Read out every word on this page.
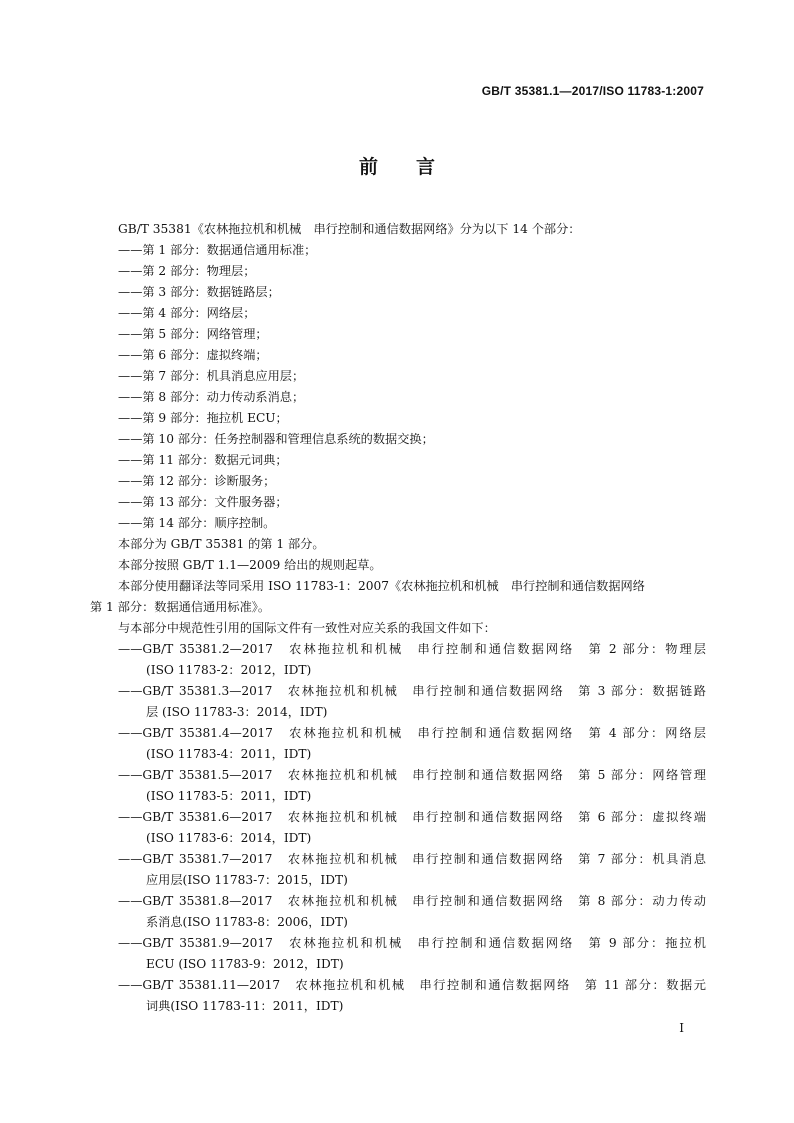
GB/T 35381.1—2017/ISO 11783-1:2007
前　　言
GB/T 35381《农林拖拉机和机械　串行控制和通信数据网络》分为以下 14 个部分：
——第 1 部分：数据通信通用标准；
——第 2 部分：物理层；
——第 3 部分：数据链路层；
——第 4 部分：网络层；
——第 5 部分：网络管理；
——第 6 部分：虚拟终端；
——第 7 部分：机具消息应用层；
——第 8 部分：动力传动系消息；
——第 9 部分：拖拉机 ECU；
——第 10 部分：任务控制器和管理信息系统的数据交换；
——第 11 部分：数据元词典；
——第 12 部分：诊断服务；
——第 13 部分：文件服务器；
——第 14 部分：顺序控制。
本部分为 GB/T 35381 的第 1 部分。
本部分按照 GB/T 1.1—2009 给出的规则起草。
本部分使用翻译法等同采用 ISO 11783-1：2007《农林拖拉机和机械　串行控制和通信数据网络
第 1 部分：数据通信通用标准》。
与本部分中规范性引用的国际文件有一致性对应关系的我国文件如下：
——GB/T 35381.2—2017　农林拖拉机和机械　串行控制和通信数据网络　第 2 部分：物理层
(ISO 11783-2：2012，IDT)
——GB/T 35381.3—2017　农林拖拉机和机械　串行控制和通信数据网络　第 3 部分：数据链路
层 (ISO 11783-3：2014，IDT)
——GB/T 35381.4—2017　农林拖拉机和机械　串行控制和通信数据网络　第 4 部分：网络层
(ISO 11783-4：2011，IDT)
——GB/T 35381.5—2017　农林拖拉机和机械　串行控制和通信数据网络　第 5 部分：网络管理
(ISO 11783-5：2011，IDT)
——GB/T 35381.6—2017　农林拖拉机和机械　串行控制和通信数据网络　第 6 部分：虚拟终端
(ISO 11783-6：2014，IDT)
——GB/T 35381.7—2017　农林拖拉机和机械　串行控制和通信数据网络　第 7 部分：机具消息
应用层(ISO 11783-7：2015，IDT)
——GB/T 35381.8—2017　农林拖拉机和机械　串行控制和通信数据网络　第 8 部分：动力传动
系消息(ISO 11783-8：2006，IDT)
——GB/T 35381.9—2017　农林拖拉机和机械　串行控制和通信数据网络　第 9 部分：拖拉机
ECU (ISO 11783-9：2012，IDT)
——GB/T 35381.11—2017　农林拖拉机和机械　串行控制和通信数据网络　第 11 部分：数据元
词典(ISO 11783-11：2011，IDT)
I
